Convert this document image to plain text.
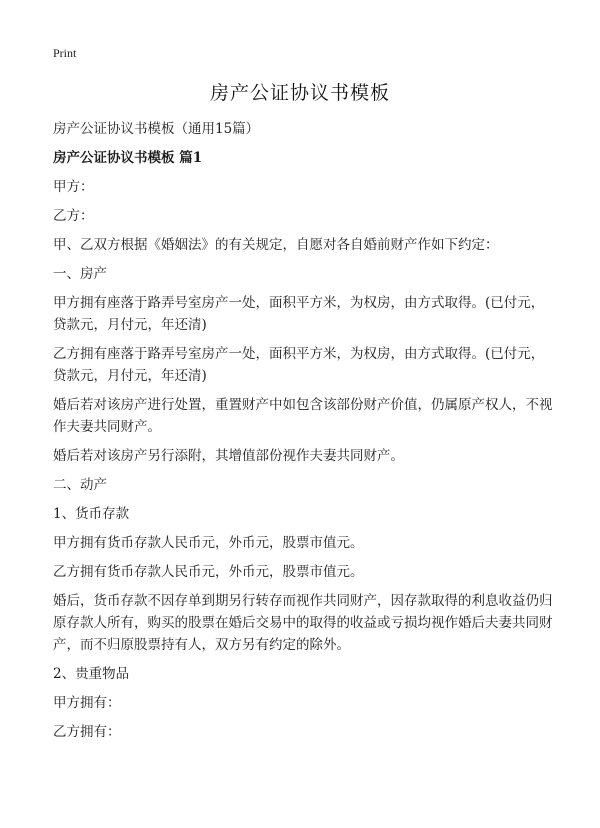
Print
房产公证协议书模板

房产公证协议书模板（通用15篇）

房产公证协议书模板 篇1

甲方：

乙方：

甲、乙双方根据《婚姻法》的有关规定，自愿对各自婚前财产作如下约定：

一、房产

甲方拥有座落于路弄号室房产一处，面积平方米，为权房，由方式取得。(已付元，贷款元，月付元，年还清)

乙方拥有座落于路弄号室房产一处，面积平方米，为权房，由方式取得。(已付元，贷款元，月付元，年还清)

婚后若对该房产进行处置，重置财产中如包含该部份财产价值，仍属原产权人，不视作夫妻共同财产。

婚后若对该房产另行添附，其增值部份视作夫妻共同财产。

二、动产

1、货币存款

甲方拥有货币存款人民币元，外币元，股票市值元。

乙方拥有货币存款人民币元，外币元，股票市值元。

婚后，货币存款不因存单到期另行转存而视作共同财产，因存款取得的利息收益仍归原存款人所有，购买的股票在婚后交易中的取得的收益或亏损均视作婚后夫妻共同财产，而不归原股票持有人，双方另有约定的除外。

2、贵重物品

甲方拥有：

乙方拥有：
